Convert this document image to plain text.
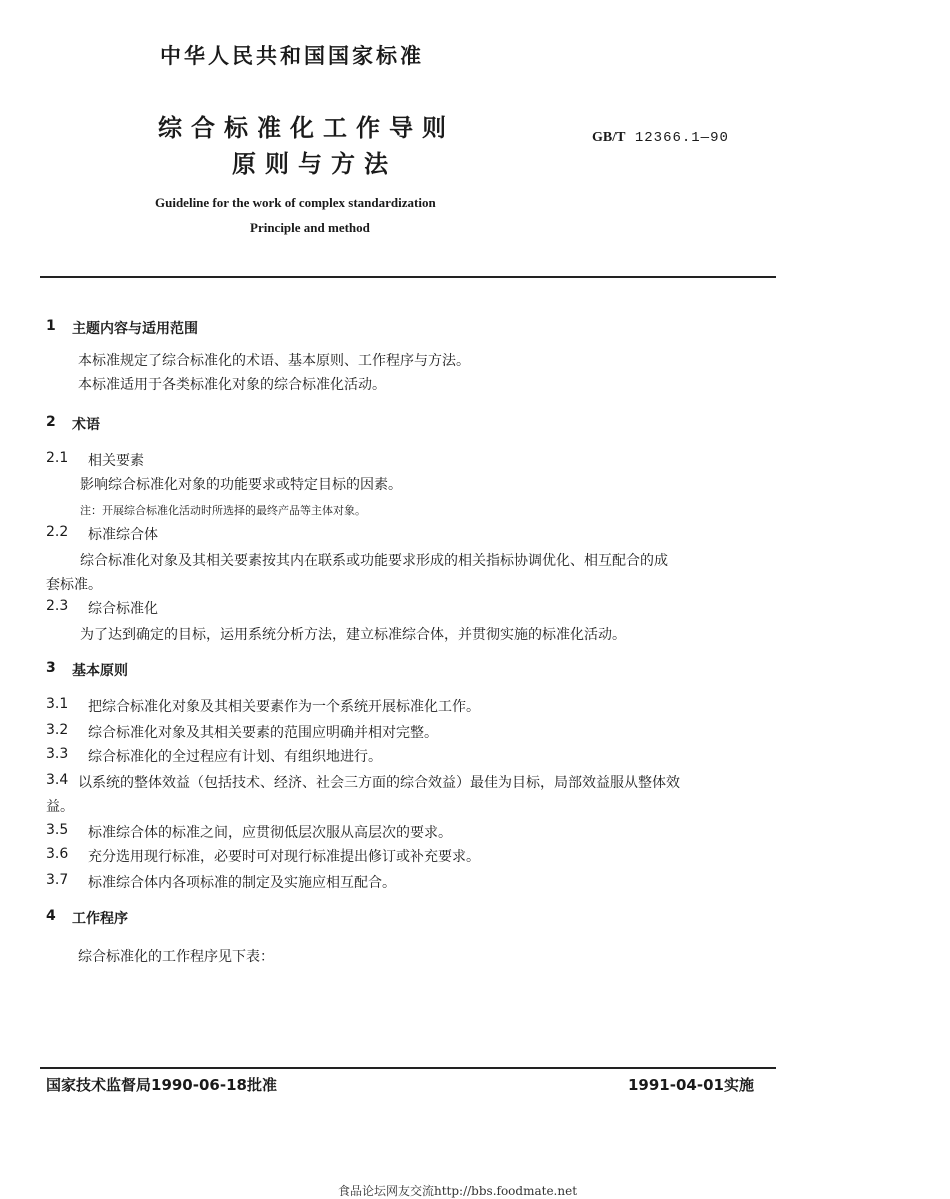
中华人民共和国国家标准
综合标准化工作导则
原则与方法
GB/T 12366.1—90
Guideline for the work of complex standardization
Principle and method
1 主题内容与适用范围
本标准规定了综合标准化的术语、基本原则、工作程序与方法。
本标准适用于各类标准化对象的综合标准化活动。
2 术语
2.1 相关要素
影响综合标准化对象的功能要求或特定目标的因素。
注：开展综合标准化活动时所选择的最终产品等主体对象。
2.2 标准综合体
综合标准化对象及其相关要素按其内在联系或功能要求形成的相关指标协调优化、相互配合的成
套标准。
2.3 综合标准化
为了达到确定的目标，运用系统分析方法，建立标准综合体，并贯彻实施的标准化活动。
3 基本原则
3.1 把综合标准化对象及其相关要素作为一个系统开展标准化工作。
3.2 综合标准化对象及其相关要素的范围应明确并相对完整。
3.3 综合标准化的全过程应有计划、有组织地进行。
3.4 以系统的整体效益（包括技术、经济、社会三方面的综合效益）最佳为目标，局部效益服从整体效
益。
3.5 标准综合体的标准之间，应贯彻低层次服从高层次的要求。
3.6 充分选用现行标准，必要时可对现行标准提出修订或补充要求。
3.7 标准综合体内各项标准的制定及实施应相互配合。
4 工作程序
综合标准化的工作程序见下表：
国家技术监督局1990-06-18批准	1991-04-01实施
食品论坛网友交流http://bbs.foodmate.net
